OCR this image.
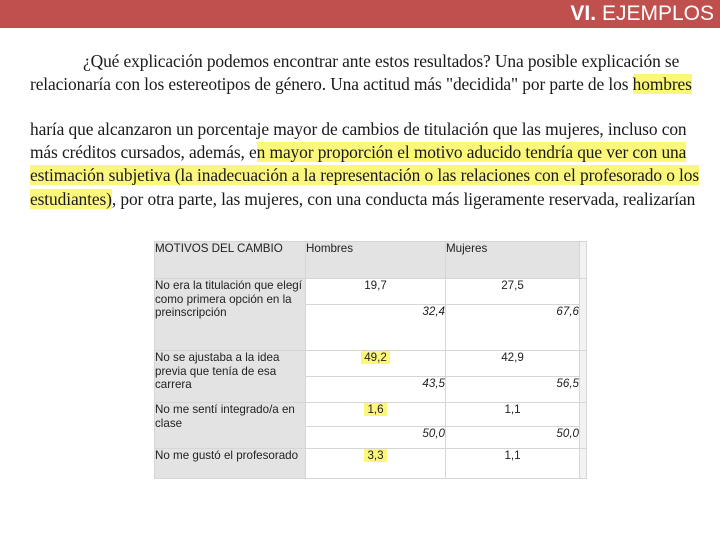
VI. EJEMPLOS
¿Qué explicación podemos encontrar ante estos resultados? Una posible explicación se
relacionaría con los estereotipos de género. Una actitud más "decidida" por parte de los hombres
haría que alcanzaron un porcentaje mayor de cambios de titulación que las mujeres, incluso con
más créditos cursados, además, en mayor proporción el motivo aducido tendría que ver con una
estimación subjetiva (la inadecuación a la representación o las relaciones con el profesorado o los
estudiantes), por otra parte, las mujeres, con una conducta más ligeramente reservada, realizarían
MOTIVOS DEL CAMBIO	Hombres	Mujeres	
No era la titulación que elegí como primera opción en la preinscripción	19,7	27,5	
	32,4	67,6	
No se ajustaba a la idea previa que tenía de esa carrera	49,2	42,9	
	43,5	56,5	
No me sentí integrado/a en clase	1,6	1,1	
	50,0	50,0	
No me gustó el profesorado	3,3	1,1	
